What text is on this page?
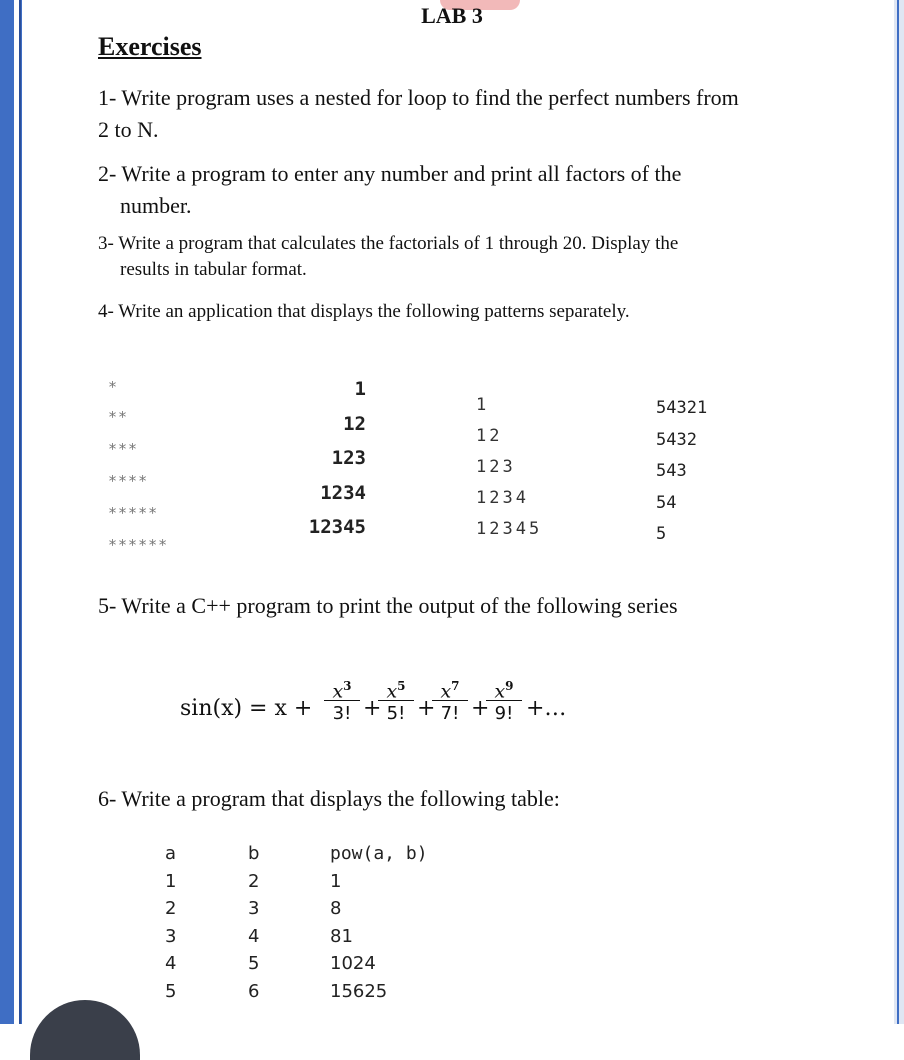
LAB 3
Exercises
1- Write program uses a nested for loop to find the perfect numbers from
2 to N.
2- Write a program to enter any number and print all factors of the
number.
3- Write a program that calculates the factorials of 1 through 20. Display the
results in tabular format.
4- Write an application that displays the following patterns separately.
*
**
***
****
*****
******
1
12
123
1234
12345
1
12
123
1234
12345
54321
5432
543
54
5
5- Write a C++ program to print the output of the following series
sin(x) = x +
$x^3$
3! +
$x^5$
5! +
$x^7$
7! +
$x^9$
9! +…
6- Write a program that displays the following table:
a
1
2
3
4
5
b
2
3
4
5
6
pow(a, b)
1
8
81
1024
15625
